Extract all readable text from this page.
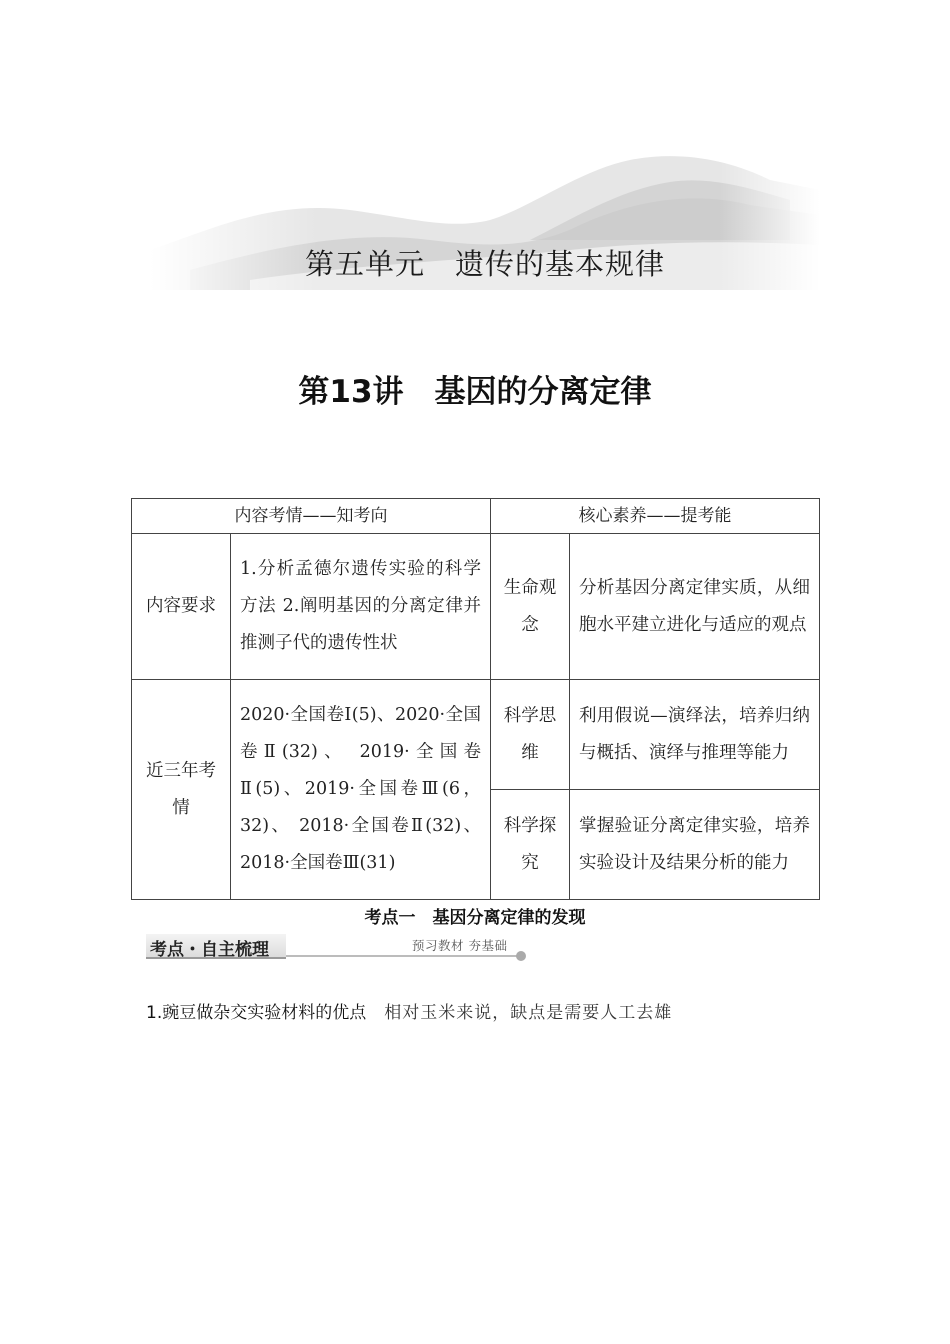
第五单元　遗传的基本规律
第13讲　基因的分离定律
内容考情——知考向		核心素养——提考能	
内容要求	1.分析孟德尔遗传实验的科学方法 2.阐明基因的分离定律并推测子代的遗传性状	生命观念	分析基因分离定律实质，从细胞水平建立进化与适应的观点
近三年考情	2020·全国卷Ⅰ(5)、2020·全国卷Ⅱ(32)、 2019·全国卷Ⅱ(5)、2019·全国卷Ⅲ(6，32)、 2018·全国卷Ⅱ(32)、2018·全国卷Ⅲ(31)	科学思维	利用假说—演绎法，培养归纳与概括、演绎与推理等能力
		科学探究	掌握验证分离定律实验，培养实验设计及结果分析的能力
考点一　基因分离定律的发现
考点・自主梳理	预习教材 夯基础
1.豌豆做杂交实验材料的优点 相对玉米来说，缺点是需要人工去雄
